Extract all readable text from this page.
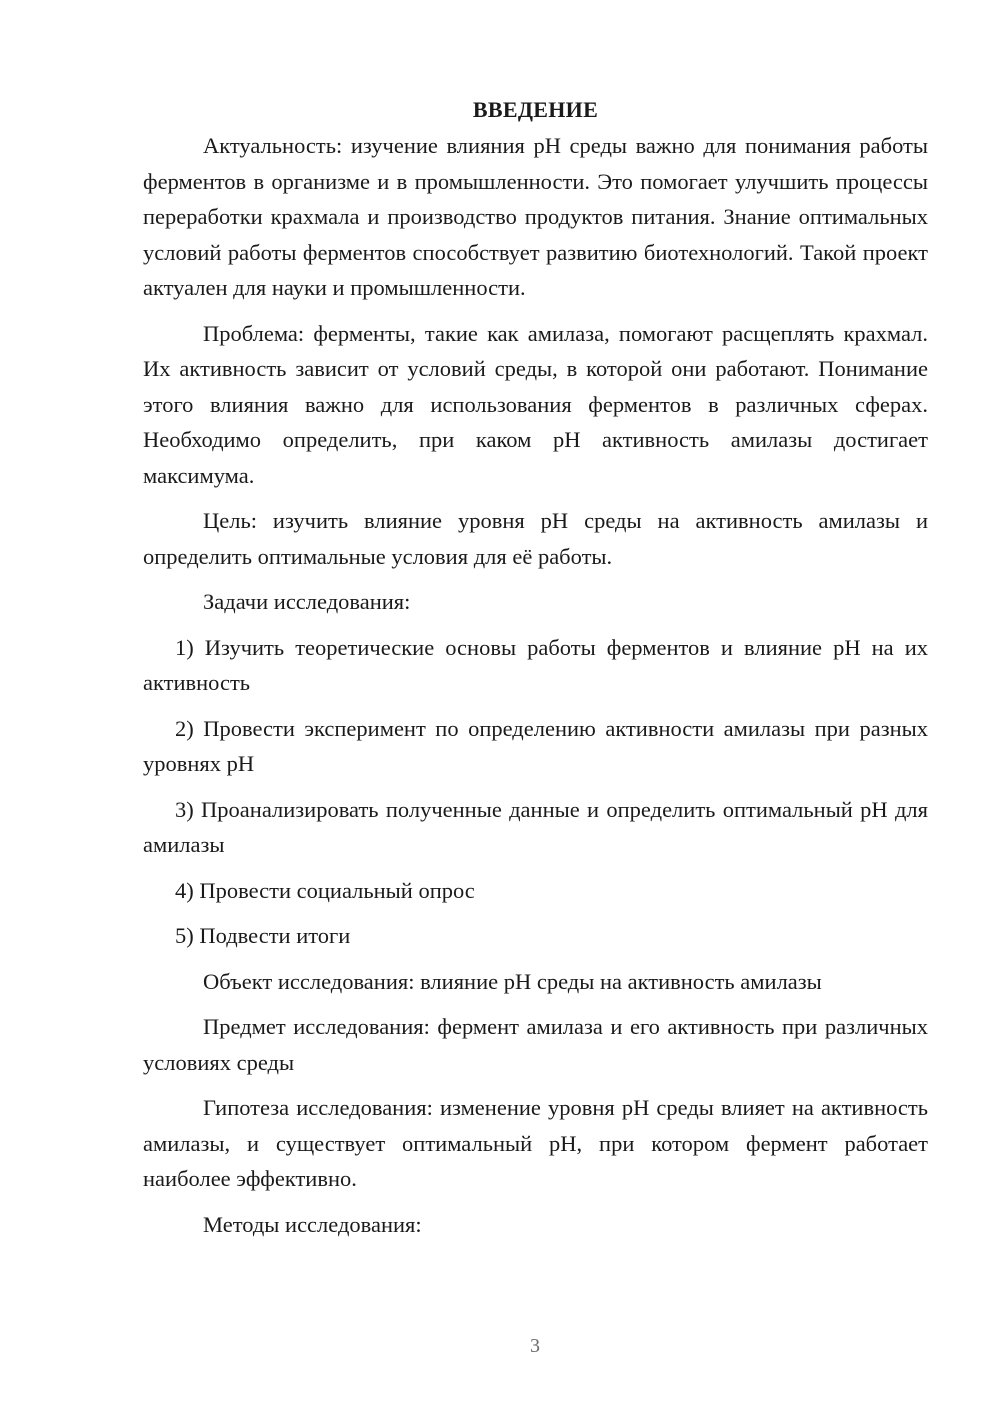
ВВЕДЕНИЕ

Актуальность: изучение влияния pH среды важно для понимания работы ферментов в организме и в промышленности. Это помогает улучшить процессы переработки крахмала и производство продуктов питания. Знание оптимальных условий работы ферментов способствует развитию биотехнологий. Такой проект актуален для науки и промышленности.

Проблема: ферменты, такие как амилаза, помогают расщеплять крахмал. Их активность зависит от условий среды, в которой они работают. Понимание этого влияния важно для использования ферментов в различных сферах. Необходимо определить, при каком pH активность амилазы достигает максимума.

Цель: изучить влияние уровня pH среды на активность амилазы и определить оптимальные условия для её работы.

Задачи исследования:

1) Изучить теоретические основы работы ферментов и влияние pH на их активность

2) Провести эксперимент по определению активности амилазы при разных уровнях pH

3) Проанализировать полученные данные и определить оптимальный pH для амилазы

4) Провести социальный опрос

5) Подвести итоги

Объект исследования: влияние pH среды на активность амилазы

Предмет исследования: фермент амилаза и его активность при различных условиях среды

Гипотеза исследования: изменение уровня pH среды влияет на активность амилазы, и существует оптимальный pH, при котором фермент работает наиболее эффективно.

Методы исследования:

3
